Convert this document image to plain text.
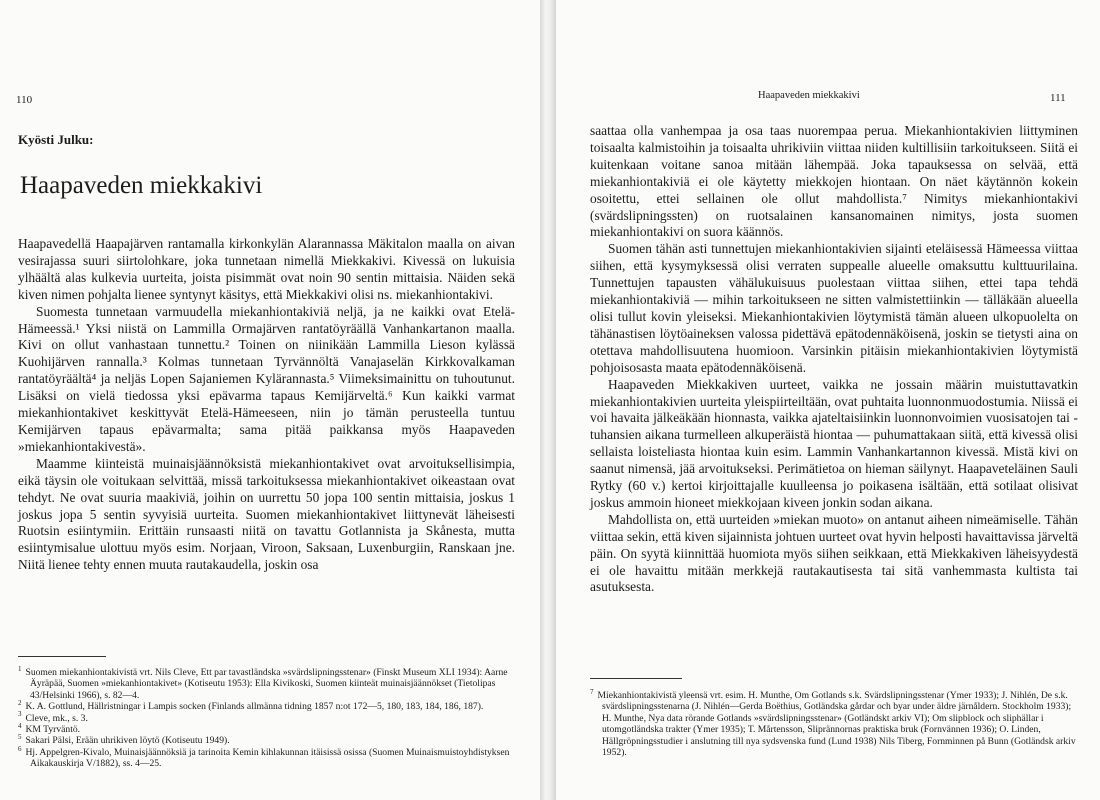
110
Kyösti Julku:
Haapaveden miekkakivi

Haapavedellä Haapajärven rantamalla kirkonkylän Alarannassa Mäkitalon maalla on aivan vesirajassa suuri siirtolohkare, joka tunnetaan nimellä Miekkakivi. Kivessä on lukuisia ylhäältä alas kulkevia uurteita, joista pisimmät ovat noin 90 sentin mittaisia. Näiden sekä kiven nimen pohjalta lienee syntynyt käsitys, että Miekkakivi olisi ns. miekanhiontakivi.

Suomesta tunnetaan varmuudella miekanhiontakiviä neljä, ja ne kaikki ovat Etelä-Hämeessä.¹ Yksi niistä on Lammilla Ormajärven rantatöyräällä Vanhankartanon maalla. Kivi on ollut vanhastaan tunnettu.² Toinen on niinikään Lammilla Lieson kylässä Kuohijärven rannalla.³ Kolmas tunnetaan Tyrvännöltä Vanajaselän Kirkkovalkaman rantatöyräältä⁴ ja neljäs Lopen Sajaniemen Kylärannasta.⁵ Viimeksimainittu on tuhoutunut. Lisäksi on vielä tiedossa yksi epävarma tapaus Kemijärveltä.⁶ Kun kaikki varmat miekanhiontakivet keskittyvät Etelä-Hämeeseen, niin jo tämän perusteella tuntuu Kemijärven tapaus epävarmalta; sama pitää paikkansa myös Haapaveden »miekanhiontakivestä».

Maamme kiinteistä muinaisjäännöksistä miekanhiontakivet ovat arvoituksellisimpia, eikä täysin ole voitukaan selvittää, missä tarkoituksessa miekanhiontakivet oikeastaan ovat tehdyt. Ne ovat suuria maakiviä, joihin on uurrettu 50 jopa 100 sentin mittaisia, joskus 1 joskus jopa 5 sentin syvyisiä uurteita. Suomen miekanhiontakivet liittynevät läheisesti Ruotsin esiintymiin. Erittäin runsaasti niitä on tavattu Gotlannista ja Skånesta, mutta esiintymisalue ulottuu myös esim. Norjaan, Viroon, Saksaan, Luxenburgiin, Ranskaan jne. Niitä lienee tehty ennen muuta rautakaudella, joskin osa

$^1$ Suomen miekanhiontakivistä vrt. Nils Cleve, Ett par tavastländska »svärdslipningsstenar» (Finskt Museum XLI 1934): Aarne Äyräpää, Suomen »miekanhiontakivet» (Kotiseutu 1953): Ella Kivikoski, Suomen kiinteät muinaisjäännökset (Tietolipas 43/Helsinki 1966), s. 82—4.

$^2$ K. A. Gottlund, Hällristningar i Lampis socken (Finlands allmänna tidning 1857 n:ot 172—5, 180, 183, 184, 186, 187).

$^3$ Cleve, mk., s. 3.

$^4$ KM Tyrväntö.

$^5$ Sakari Pälsi, Erään uhrikiven löytö (Kotiseutu 1949).

$^6$ Hj. Appelgren-Kivalo, Muinaisjäännöksiä ja tarinoita Kemin kihlakunnan itäisissä osissa (Suomen Muinaismuistoyhdistyksen Aikakauskirja V/1882), ss. 4—25.

Haapaveden miekkakivi	111

saattaa olla vanhempaa ja osa taas nuorempaa perua. Miekanhiontakivien liittyminen toisaalta kalmistoihin ja toisaalta uhrikiviin viittaa niiden kultillisiin tarkoitukseen. Siitä ei kuitenkaan voitane sanoa mitään lähempää. Joka tapauksessa on selvää, että miekanhiontakiviä ei ole käytetty miekkojen hiontaan. On näet käytännön kokein osoitettu, ettei sellainen ole ollut mahdollista.⁷ Nimitys miekanhiontakivi (svärdslipningssten) on ruotsalainen kansanomainen nimitys, josta suomen miekanhiontakivi on suora käännös.

Suomen tähän asti tunnettujen miekanhiontakivien sijainti eteläisessä Hämeessa viittaa siihen, että kysymyksessä olisi verraten suppealle alueelle omaksuttu kulttuurilaina. Tunnettujen tapausten vähälukuisuus puolestaan viittaa siihen, ettei tapa tehdä miekanhiontakiviä — mihin tarkoitukseen ne sitten valmistettiinkin — tälläkään alueella olisi tullut kovin yleiseksi. Miekanhiontakivien löytymistä tämän alueen ulkopuolelta on tähänastisen löytöaineksen valossa pidettävä epätodennäköisenä, joskin se tietysti aina on otettava mahdollisuutena huomioon. Varsinkin pitäisin miekanhiontakivien löytymistä pohjoisosasta maata epätodennäköisenä.

Haapaveden Miekkakiven uurteet, vaikka ne jossain määrin muistuttavatkin miekanhiontakivien uurteita yleispiirteiltään, ovat puhtaita luonnonmuodostumia. Niissä ei voi havaita jälkeäkään hionnasta, vaikka ajateltaisiinkin luonnonvoimien vuosisatojen tai -tuhansien aikana turmelleen alkuperäistä hiontaa — puhumattakaan siitä, että kivessä olisi sellaista loisteliasta hiontaa kuin esim. Lammin Vanhankartannon kivessä. Mistä kivi on saanut nimensä, jää arvoitukseksi. Perimätietoa on hieman säilynyt. Haapaveteläinen Sauli Rytky (60 v.) kertoi kirjoittajalle kuulleensa jo poikasena isältään, että sotilaat olisivat joskus ammoin hioneet miekkojaan kiveen jonkin sodan aikana.

Mahdollista on, että uurteiden »miekan muoto» on antanut aiheen nimeämiselle. Tähän viittaa sekin, että kiven sijainnista johtuen uurteet ovat hyvin helposti havaittavissa järveltä päin. On syytä kiinnittää huomiota myös siihen seikkaan, että Miekkakiven läheisyydestä ei ole havaittu mitään merkkejä rautakautisesta tai sitä vanhemmasta kultista tai asutuksesta.

$^7$ Miekanhiontakivistä yleensä vrt. esim. H. Munthe, Om Gotlands s.k. Svärdslipningsstenar (Ymer 1933); J. Nihlén, De s.k. svärdslipningsstenarna (J. Nihlén—Gerda Boëthius, Gotländska gårdar och byar under äldre järnåldern. Stockholm 1933); H. Munthe, Nya data rörande Gotlands »svärdslipningsstenar» (Gotländskt arkiv VI); Om slipblock och sliphällar i utomgotländska trakter (Ymer 1935); T. Mårtensson, Sliprännornas praktiska bruk (Fornvännen 1936); O. Linden, Hällgröpningsstudier i anslutning till nya sydsvenska fund (Lund 1938) Nils Tiberg, Fornminnen på Bunn (Gotländsk arkiv 1952).
